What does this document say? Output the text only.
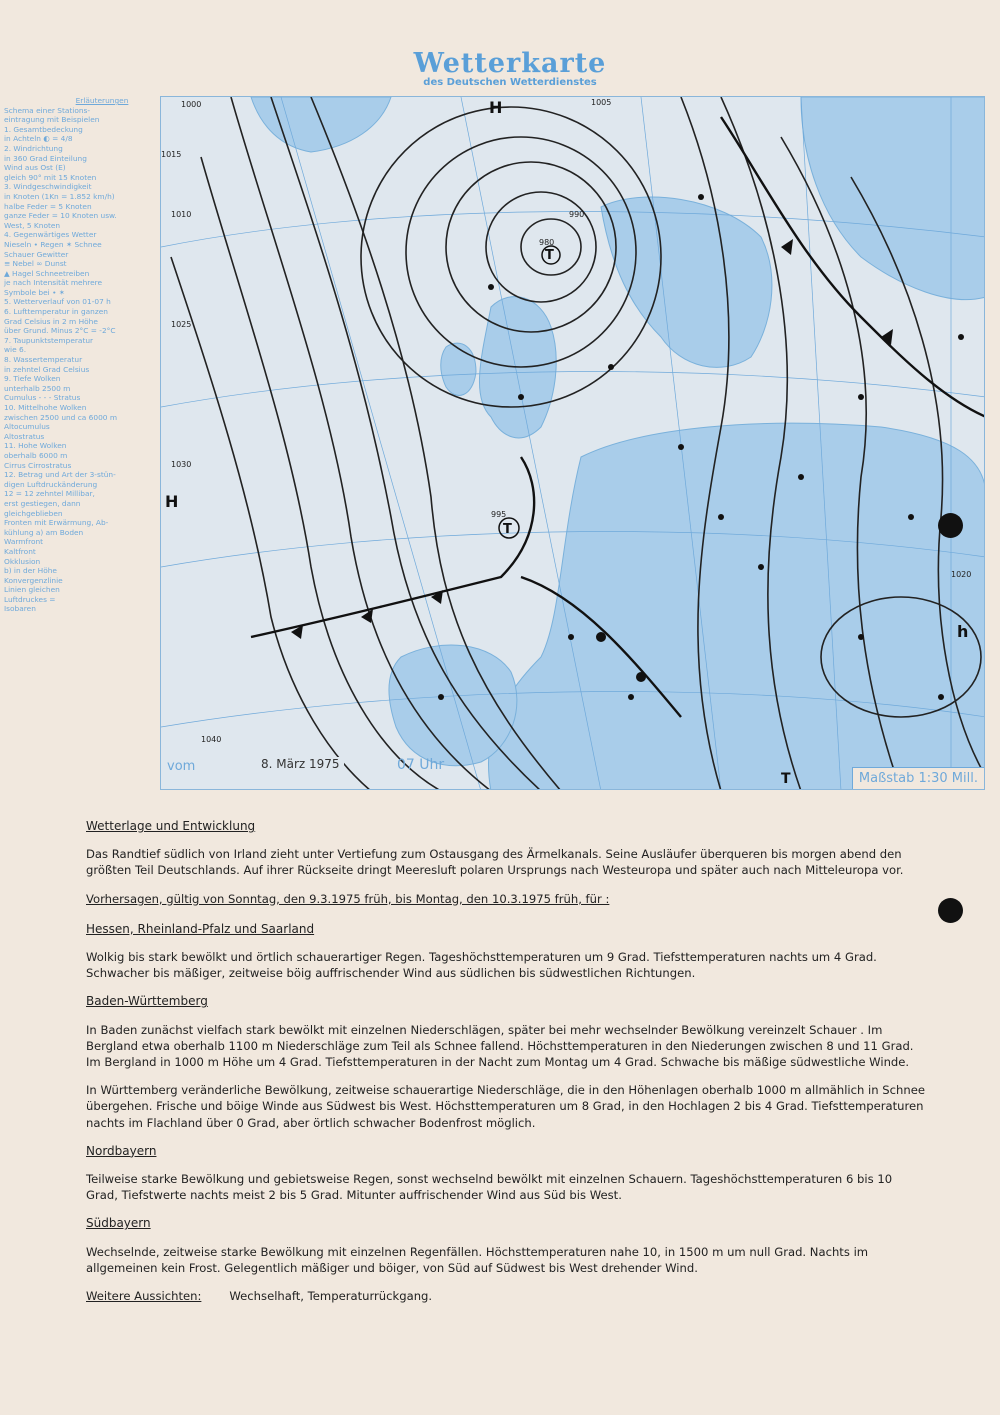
Wetterkarte
des Deutschen Wetterdienstes
Erläuterungen
Schema einer Stations-
eintragung mit Beispielen
1. Gesamtbedeckung
in Achteln ◐ = 4/8
2. Windrichtung
in 360 Grad Einteilung
Wind aus Ost (E)
gleich 90° mit 15 Knoten
3. Windgeschwindigkeit
in Knoten (1Kn = 1.852 km/h)
halbe Feder = 5 Knoten
ganze Feder = 10 Knoten usw.
West, 5 Knoten
4. Gegenwärtiges Wetter
Nieseln • Regen ✶ Schnee
Schauer Gewitter
≡ Nebel ∞ Dunst
▲ Hagel Schneetreiben
je nach Intensität mehrere
Symbole bei • ✶
5. Wetterverlauf von 01-07 h
6. Lufttemperatur in ganzen
Grad Celsius in 2 m Höhe
über Grund. Minus 2°C = -2°C
7. Taupunktstemperatur
wie 6.
8. Wassertemperatur
in zehntel Grad Celsius
9. Tiefe Wolken
unterhalb 2500 m
Cumulus - - - Stratus
10. Mittelhohe Wolken
zwischen 2500 und ca 6000 m
Altocumulus
Altostratus
11. Hohe Wolken
oberhalb 6000 m
Cirrus Cirrostratus
12. Betrag und Art der 3-stün-
digen Luftdruckänderung
12 = 12 zehntel Millibar,
erst gestiegen, dann
gleichgeblieben
Fronten mit Erwärmung, Ab-
kühlung a) am Boden
Warmfront
Kaltfront
Okklusion
b) in der Höhe
Konvergenzlinie
Linien gleichen
Luftdruckes =
Isobaren
980
990
995
1000	1005
1010
1015
1020
1025
1030
1040
H
H
T
T
T
h
vom	8. März 1975	07 Uhr
Maßstab 1:30 Mill.
Wetterlage und Entwicklung

Das Randtief südlich von Irland zieht unter Vertiefung zum Ostausgang des Ärmelkanals. Seine Ausläufer überqueren bis morgen abend den größten Teil Deutschlands. Auf ihrer Rückseite dringt Meeresluft polaren Ursprungs nach Westeuropa und später auch nach Mitteleuropa vor.

Vorhersagen, gültig von Sonntag, den 9.3.1975 früh, bis Montag, den 10.3.1975 früh, für :

Hessen, Rheinland-Pfalz und Saarland

Wolkig bis stark bewölkt und örtlich schauerartiger Regen. Tageshöchsttemperaturen um 9 Grad. Tiefsttemperaturen nachts um 4 Grad. Schwacher bis mäßiger, zeitweise böig auffrischender Wind aus südlichen bis südwestlichen Richtungen.

Baden-Württemberg

In Baden zunächst vielfach stark bewölkt mit einzelnen Niederschlägen, später bei mehr wechselnder Bewölkung vereinzelt Schauer . Im Bergland etwa oberhalb 1100 m Niederschläge zum Teil als Schnee fallend. Höchsttemperaturen in den Niederungen zwischen 8 und 11 Grad. Im Bergland in 1000 m Höhe um 4 Grad. Tiefsttemperaturen in der Nacht zum Montag um 4 Grad. Schwache bis mäßige südwestliche Winde.

In Württemberg veränderliche Bewölkung, zeitweise schauerartige Niederschläge, die in den Höhenlagen oberhalb 1000 m allmählich in Schnee übergehen. Frische und böige Winde aus Südwest bis West. Höchsttemperaturen um 8 Grad, in den Hochlagen 2 bis 4 Grad. Tiefsttemperaturen nachts im Flachland über 0 Grad, aber örtlich schwacher Bodenfrost möglich.

Nordbayern

Teilweise starke Bewölkung und gebietsweise Regen, sonst wechselnd bewölkt mit einzelnen Schauern. Tageshöchsttemperaturen 6 bis 10 Grad, Tiefstwerte nachts meist 2 bis 5 Grad. Mitunter auffrischender Wind aus Süd bis West.

Südbayern

Wechselnde, zeitweise starke Bewölkung mit einzelnen Regenfällen. Höchsttemperaturen nahe 10, in 1500 m um null Grad. Nachts im allgemeinen kein Frost. Gelegentlich mäßiger und böiger, von Süd auf Südwest bis West drehender Wind.

Weitere Aussichten: Wechselhaft, Temperaturrückgang.
